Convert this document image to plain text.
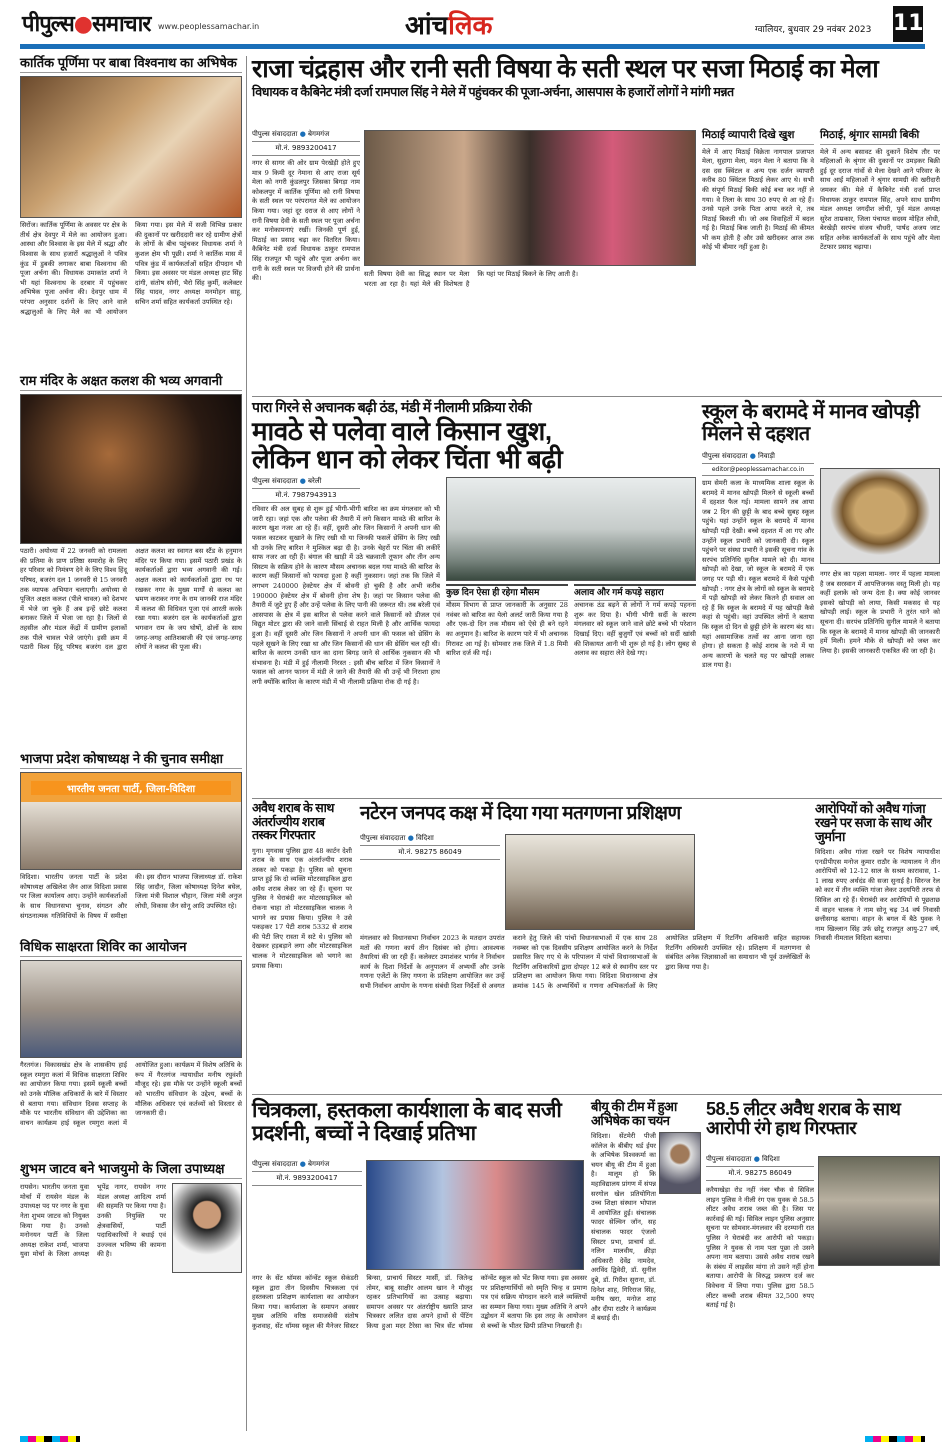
पीपुल्स●समाचार www.peoplessamachar.in	आंचलिक	ग्वालियर, बुधवार 29 नवंबर 2023 11
कार्तिक पूर्णिमा पर बाबा विश्वनाथ का अभिषेक
सिरोंज। कार्तिक पूर्णिमा के अवसर पर क्षेत्र के तीर्थ क्षेत्र देवपुर में मेले का आयोजन हुआ। आस्था और विश्वास के इस मेले में श्रद्धा और विश्वास के साथ हजारों श्रद्धालुओं ने पवित्र कुंड में डुबकी लगाकर बाबा विश्वनाथ की पूजा अर्चना की। विधायक उमाकांत शर्मा ने भी यहां विश्वनाथ के दरबार में पहुंचकर अभिषेक पूजा अर्चना की। देवपुर धाम में परंपरा अनुसार दर्शनों के लिए आने वाले श्रद्धालुओं के लिए मेले का भी आयोजन किया गया। इस मेले में सजी विभिन्न प्रकार की दुकानों पर खरीददारी कर रहे ग्रामीण क्षेत्रों के लोगों के बीच पहुंचकर विधायक शर्मा ने कुशल क्षेम भी पूछी। शर्मा ने कार्तिक मास में पवित्र कुंड में कार्यकर्ताओं सहित दीपदान भी किया। इस अवसर पर मंडल अध्यक्ष हाट सिंह दांगी, संतोष सोनी, भैरो सिंह कुर्मी, कलेक्टर सिंह यादव, नगर अध्यक्ष मनमोहन साहू, सचिन शर्मा सहित कार्यकर्ता उपस्थित रहे।
राम मंदिर के अक्षत कलश की भव्य अगवानी
पठारी। अयोध्या में 22 जनवरी को रामलला की प्रतिमा के प्राण प्रतिष्ठा समारोह के लिए हर परिवार को निमंत्रण देने के लिए विश्व हिंदू परिषद, बजरंग दल 1 जनवरी से 15 जनवरी तक व्यापक अभियान चलाएगी। अयोध्या से पूजित अक्षत कलश (पीले चावल) को देशभर में भेजे जा चुके हैं अब इन्हें छोटे कलश बनाकर जिले में भेजा जा रहा है। जिलों से तहसील और मंडल केंद्रों में ग्रामीण इलाकों तक पीले चावल भेजे जाएंगे। इसी क्रम में पठारी विश्व हिंदू परिषद बजरंग दल द्वारा अक्षत कलश का स्वागत बस स्टैंड के हनुमान मंदिर पर किया गया। इसमें पठारी प्रखंड के कार्यकर्ताओं द्वारा भव्य अगवानी की गई। अक्षत कलश को कार्यकर्ताओं द्वारा रथ पर रखकर नगर के मुख्य मार्गों से कलश का भ्रमण कराकर नगर के राम जानकी राज मंदिर में कलश की विधिवत पूजा एवं आरती करके रखा गया। बजरंग दल के कार्यकर्ताओं द्वारा भगवान राम के जय घोषों, ढोलों के साथ जगह-जगह आतिशबाजी की एवं जगह-जगह लोगों ने कलश की पूजा की।
भाजपा प्रदेश कोषाध्यक्ष ने की चुनाव समीक्षा
भारतीय जनता पार्टी, जिला-विदिशा
विदिशा। भारतीय जनता पार्टी के प्रदेश कोषाध्यक्ष अखिलेश जैन आज विदिशा प्रवास पर जिला कार्यालय आए। उन्होंने कार्यकर्ताओं के साथ विधानसभा चुनाव, संगठन और संगठनात्मक गतिविधियों के विषय में समीक्षा की। इस दौरान भाजपा जिलाध्यक्ष डॉ. राकेश सिंह जादौन, जिला कोषाध्यक्ष दिनेश बघेल, जिला मंत्री विशाल चौहान, जिला मंत्री अनुज लोधी, विकास जैन सोनू आदि उपस्थित रहे।
विधिक साक्षरता शिविर का आयोजन
गैरतगंज। विकासखंड क्षेत्र के शासकीय हाई स्कूल रमगुरा कलां में विधिक साक्षरता शिविर का आयोजन किया गया। इसमें स्कूली बच्चों को उनके मौलिक अधिकारों के बारे में विस्तार से बताया गया। संविधान दिवस सप्ताह के मौके पर भारतीय संविधान की उद्देशिका का वाचन कार्यक्रम हाई स्कूल रमगुरा कलां में आयोजित हुआ। कार्यक्रम में विशेष अतिथि के रूप में गैरतगंज न्यायाधीश मनीष रघुवंशी मौजूद रहे। इस मौके पर उन्होंने स्कूली बच्चों को भारतीय संविधान के उद्देश्य, बच्चों के मौलिक अधिकार एवं कर्तव्यों को विस्तार से जानकारी दी।
शुभम जाटव बने भाजयुमो के जिला उपाध्यक्ष
रायसेन। भारतीय जनता युवा मोर्चा में रायसेन मंडल के उपाध्यक्ष पद पर नगर के युवा नेता शुभम जाटव को नियुक्त किया गया है। उनको मनोनयन पार्टी के जिला अध्यक्ष राकेश शर्मा, भाजपा युवा मोर्चा के जिला अध्यक्ष भूपेंद्र नागर, रायसेन नगर मंडल अध्यक्ष आदित्य शर्मा की सहमति पर किया गया है। उनकी नियुक्ति पर क्षेत्रवासियों, पार्टी पदाधिकारियों ने बधाई एवं उज्ज्वल भविष्य की कामना की है।
राजा चंद्रहास और रानी सती विषया के सती स्थल पर सजा मिठाई का मेला
विधायक व कैबिनेट मंत्री दर्जा रामपाल सिंह ने मेले में पहुंचकर की पूजा-अर्चना, आसपास के हजारों लोगों ने मांगी मन्नत
पीपुल्स संवाददाता ● बेगमगंज
मो.नं. 9893200417
नगर से सागर की ओर ग्राम पेरखेड़ी होते हुए मात्र 9 किमी दूर नेमाना से आए राजा सूर्य मेला को नगरी कुंडलपुर जिसका बिगड़ा नाम कोकलपुर में कार्तिक पूर्णिमा को रानी विषया के सती स्थल पर परंपरागत मेले का आयोजन किया गया। जहां दूर दराज से आए लोगों ने रानी विषया देवी के सती स्थल पर पूजा अर्चना कर मनोकामनाएं रखीं। जिनकी पूर्ण हुई, मिठाई का प्रसाद चढ़ा कर वितरित किया। कैबिनेट मंत्री दर्जा विधायक ठाकुर रामपाल सिंह राजपूत भी पहुंचे और पूजा अर्चना कर रानी के सती स्थल पर विजयी होने की प्रार्थना की।
सती विषया देवी का सिद्ध स्थान पर मेला भरता आ रहा है। यहां मेले की विशेषता है कि यहां पर मिठाई बिकने के लिए आती है।
मिठाई व्यापारी दिखे खुश
मेले में आए मिठाई विक्रेता नागपाल प्रजापत मेला, सुहागा मेला, मदन मेला ने बताया कि वे दस दस क्विंटल व अन्य एक दर्जन व्यापारी करीब 80 क्विंटल मिठाई लेकर आए थे। सभी की संपूर्ण मिठाई बिकी कोई बचा कर नहीं ले गया। वे तिला के साथ 30 रुपए से आ रहे हैं। उनसे पहले उनके पिता आया करते थे, तब मिठाई बिकती थी। जो अब विवाहितों में बदल गई है। मिठाई बिक जाती है। मिठाई की कीमत भी कम होती है और उसे खरीदकर आज तक कोई भी बीमार नहीं हुआ है।
मिठाई, श्रृंगार सामग्री बिकी
मेले में अन्य बसावट की दुकानें विशेष तौर पर महिलाओं के श्रृंगार की दुकानों पर उमड़कर बिक्री हुई दूर दराज गांवों से मेला देखने आने परिवार के साथ आईं महिलाओं ने श्रृंगार सामग्री की खरीदारी जमकर की। मेले में कैबिनेट मंत्री दर्जा प्राप्त विधायक ठाकुर रामपाल सिंह, अपने साथ ग्रामीण मंडल अध्यक्ष जगदीश लोधी, पूर्व मंडल अध्यक्ष सुरेश ताम्रकार, जिला पंचायत सदस्य मोहित लोधी, बेरखेड़ी सरपंच संजय चौधरी, पार्षद अजय जाट सहित अनेक कार्यकर्ताओं के साथ पहुंचे और मेला टेंटफार प्रसाद चढ़ाया।
पारा गिरने से अचानक बढ़ी ठंड, मंडी में नीलामी प्रक्रिया रोकी
मावठे से पलेवा वाले किसान खुश,
लेकिन धान को लेकर चिंता भी बढ़ी
कुछ दिन ऐसा ही रहेगा मौसम
मौसम विभाग से प्राप्त जानकारी के अनुसार 28 नवंबर को बारिश का येलो अलर्ट जारी किया गया है और एक-दो दिन तक मौसम को ऐसे ही बने रहने का अनुमान है। बारिश के कारण पारे में भी अचानक गिरावट आ गई है। सोमवार तक जिले में 1.8 मिमी बारिश दर्ज की गई।
अलाव और गर्म कपड़े सहारा
अचानक ठंड बढ़ने से लोगों ने गर्म कपड़े पहनना शुरू कर दिया है। भीगी भीगी सर्दी के कारण मंगलवार को स्कूल जाने वाले छोटे बच्चे भी परेशान दिखाई दिए। वहीं बुजुर्गों एवं बच्चों को सर्दी खांसी की शिकायत आनी भी शुरू हो गई है। लोग सुबह से अलाव का सहारा लेते देखे गए।
पीपुल्स संवाददाता ● बरेली
मो.नं. 7987943913
रविवार की अल सुबह से शुरू हुई भीगी-भीगी बारिश का क्रम मंगलवार को भी जारी रहा। जहां एक और पलेवा की तैयारी में लगे किसान मावठे की बारिश के कारण खुश नजर आ रहे हैं। वहीं, दूसरी ओर जिन किसानों ने अपनी धान की फसल काटकर सुखाने के लिए रखी थी या जिनकी फसलें थ्रेसिंग के लिए रखी थी उनके लिए बारिश ने मुश्किल बढ़ा दी है। उनके चेहरों पर चिंता की लकीरें साफ नजर आ रही हैं। बंगाल की खाड़ी में उठे चक्रवाती तूफान और तीन अन्य सिस्टम के सक्रिय होने के कारण मौसम अचानक बदल गया मावठे की बारिश के कारण कहीं किसानों को फायदा हुआ है कहीं नुकसान। जहां तक कि जिले में लगभग 240000 हेक्टेयर क्षेत्र में बोवनी हो चुकी है और अभी करीब 190000 हेक्टेयर क्षेत्र में बोवनी होना शेष है। जहां पर किसान पलेवा की तैयारी में जुटे हुए हैं और उन्हें पलेवा के लिए पानी की जरूरत थी। तब बरेली एवं आसपास के क्षेत्र में इस बारिश से पलेवा करने वाले किसानों को डीजल एवं विद्युत मोटर द्वारा की जाने वाली सिंचाई से राहत मिली है और आर्थिक फायदा हुआ है। वहीं दूसरी ओर जिन किसानों ने अपनी धान की फसल को थ्रेसिंग के पहले सूखने के लिए रखा था और जिन किसानों की धान की थ्रेसिंग चल रही थी। बारिश के कारण उनकी धान का दाना बिगड़ जाने से आर्थिक नुकसान की भी संभावना है। मंडी में हुई नीलामी निरस्त : इसी बीच बारिश में जिन किसानों ने फसल को आनन फानन में मंडी ले जाने की तैयारी की थी उन्हें भी निराशा हाथ लगी क्योंकि बारिश के कारण मंडी में भी नीलामी प्रक्रिया रोक दी गई है।
स्कूल के बरामदे में मानव खोपड़ी मिलने से दहशत
पीपुल्स संवाददाता ● निवाड़ी
editor@peoplessamachar.co.in
ग्राम सेमरी कला के माध्यमिक शाला स्कूल के बरामदे में मानव खोपड़ी मिलने से स्कूली बच्चों में दहशत फैल गई। मामला सामने तब आया जब 2 दिन की छुट्टी के बाद बच्चे सुबह स्कूल पहुंचे। यहां उन्होंने स्कूल के बरामदे में मानव खोपड़ी पड़ी देखी। बच्चे दहशत में आ गए और उन्होंने स्कूल प्रभारी को जानकारी दी। स्कूल पहुंचने पर संस्था प्रभारी ने इसकी सूचना गांव के सरपंच प्रतिनिधि सुनील मामले को दी। मानव खोपड़ी को देखा, जो स्कूल के बरामदे में एक जगह पर पड़ी थी। स्कूल बरामदे में कैसे पहुंची खोपड़ी : नगर क्षेत्र के लोगों को स्कूल के बरामदे में पड़ी खोपड़ी को लेकर कितने ही सवाल आ रहे हैं कि स्कूल के बरामदे में यह खोपड़ी कैसे कहां से पहुंची। वहां उपस्थित लोगों ने बताया कि स्कूल दो दिन से छुट्टी होने के कारण बंद था। यहां असामाजिक तत्वों का आना जाना रहा होगा। हो सकता है कोई शराब के नशे में या अन्य कारणों के चलते यह पर खोपड़ी लाकर डाल गया है।
नगर क्षेत्र का पहला मामला- नगर में पहला मामला है जब सरस्वान में आपत्तिजनक वस्तु मिली हो। यह कहीं इलाके को जन्म देता है। क्या कोई जानवर इसको खोपड़ी को लाया, किसी मकसद से यह खोपड़ी लाई। स्कूल के प्रभारी ने तुरंत थाने को सूचना दी। सरपंच प्रतिनिधि सुनील मामले ने बताया कि स्कूल के बरामदे में मानव खोपड़ी की जानकारी हमें मिली। हमने मौके से खोपड़ी को जब्त कर लिया है। इसकी जानकारी एकत्रित की जा रही है।
अवैध शराब के साथ अंतर्राज्यीय शराब तस्कर गिरफ्तार
गुना। मृगवास पुलिस द्वारा 48 कार्टन देशी शराब के साथ एक अंतर्राज्यीय शराब तस्कर को पकड़ा है। पुलिस को सूचना प्राप्त हुई कि दो व्यक्ति मोटरसाइकिल द्वारा अवैध शराब लेकर जा रहे हैं। सूचना पर पुलिस ने घेराबंदी कर मोटरसाइकिल को रोकना चाहा तो मोटरसाइकिल चालक ने भागने का प्रयास किया। पुलिस ने उसे पकड़कर 17 पेटी शराब 5332 से शराब की पेटी लिए रास्ता में सटे थे। पुलिस को देखकर हड़बड़ाने लगा और मोटरसाइकिल चालक ने मोटरसाइकिल को भगाने का प्रयास किया।
नटेरन जनपद कक्ष में दिया गया मतगणना प्रशिक्षण
पीपुल्स संवाददाता ● विदिशा
मो.नं. 98275 86049
मंगलवार को विधानसभा निर्वाचन 2023 के मतदान उपरांत मतों की गणना कार्य तीन दिसंबर को होगा। आवश्यक तैयारियां की जा रही हैं। कलेक्टर उमाशंकर भार्गव ने निर्वाचन कार्य के दिशा निर्देशों के अनुपालन में अभ्यर्थी और उनके गणना एजेंटों के लिए गणना के प्रशिक्षण आयोजित कर उन्हें सभी निर्वाचन आयोग के गणना संबंधी दिशा निर्देशों से अवगत कराने हेतु जिले की पांचों विधानसभाओं में एक साथ 28 नवम्बर को एक दिवसीय प्रशिक्षण आयोजित करने के निर्देश प्रसारित किए गए थे के परिपालन में पांचों विधानसभाओं के रिटर्निंग अधिकारियों द्वारा दोपहर 12 बजे से स्थानीय स्तर पर प्रशिक्षण का आयोजन किया गया। विदिशा विधानसभा क्षेत्र क्रमांक 145 के अभ्यर्थियों व गणना अभिकर्ताओं के लिए आयोजित प्रशिक्षण में रिटर्निंग अधिकारी सहित सहायक रिटर्निंग अधिकारी उपस्थित रहे। प्रशिक्षण में मतगणना से संबंधित अनेक जिज्ञासाओं का समाधान भी पूर्व उल्लेखितों के द्वारा किया गया है।
आरोपियों को अवैध गांजा रखने पर सजा के साथ और जुर्माना
विदिशा। अवैध गांजा रखने पर विशेष न्यायाधीश एनडीपीएस मनोज कुमार राठौर के न्यायालय ने तीन आरोपियों को 12-12 साल के सश्रम कारावास, 1-1 लाख रुपए अर्थदंड की सजा सुनाई है। सिरन्ज रेल को कार में तीन व्यक्ति गांजा लेकर उदयपिरी तरफ से सिविल आ रहे हैं। घेराबंदी कर आरोपियों से पूछताछ में वाहन चालक ने नाम सोनू चढ़ 34 वर्ष निवासी छत्तीसगढ़ बताया। वाहन के बगल में बैठे युवक ने नाम खिल्लान सिंह उर्फ छोटू राजपूत आयु-27 वर्ष, निवासी नीमताल विदिशा बताया।
चित्रकला, हस्तकला कार्यशाला के बाद सजी प्रदर्शनी, बच्चों ने दिखाई प्रतिभा
पीपुल्स संवाददाता ● बेगमगंज
मो.नं. 9893200417
नगर के सेंट थॉमस कॉन्वेंट स्कूल सेकंडरी स्कूल द्वारा तीन दिवसीय चित्रकला एवं हस्तकला प्रशिक्षण कार्यशाला का आयोजन किया गया। कार्यशाला के समापन अवसर मुख्य अतिथि वरिष्ठ समाजसेवी संतोष कुशवाह, सेंट थॉमस स्कूल की मैनेजर सिस्टर बिन्सा, प्राचार्य सिस्टर मार्सी, डॉ. जितेन्द्र तोमर, बाबू साक्षीर आलम खान ने मौजूद रहकर प्रतिभागियों का उत्साह बढ़ाया। समापन अवसर पर अंतर्राष्ट्रीय ख्याति प्राप्त चित्रकार ललित दास अपने हाथों से पेंटिंग किया हुआ मदर टैरेसा का चित्र सेंट थॉमस कॉन्वेंट स्कूल को भेंट किया गया। इस अवसर पर प्रशिक्षणार्थियों को स्मृति चिन्ह व प्रमाण पत्र एवं सक्रिय योगदान करने वाले व्यक्तियों का सम्मान किया गया। मुख्य अतिथि ने अपने उद्बोधन में बताया कि इस तरह के आयोजन से बच्चों के भीतर छिपी प्रतिभा निखरती है।
बीयू की टीम में हुआ अभिषेक का चयन
विदिशा। सेंटमेरी पीजी कॉलेज के बीबीए थर्ड ईयर के अभिषेक विश्वकर्मा का चयन बीयू की टीम में हुआ है। मालूम हो कि महाविद्यालय प्रांगण में संपन्न सरगोल खेल प्रतियोगिता उच्च शिक्षा संस्थान भोपाल में आयोजित हुई। संचालक फादर सेल्विन जॉन, सह संचालक फादर एंजलो सिस्टर प्रभा, प्राचार्य डॉ. नलिन मालवीय, क्रीड़ा अधिकारी देवेंद्र नामदेव, अरविंद द्विवेदी, डॉ. सुनील दुबे, डॉ. गिरीश सुराना, डॉ. दिनेश शाह, गिरिराज सिंह, मनीष खरा, मनोज शाह और दीपा राठौर ने कार्यक्रम में बधाई दी।
58.5 लीटर अवैध शराब के साथ आरोपी रंगे हाथ गिरफ्तार
पीपुल्स संवाददाता ● विदिशा
मो.नं. 98275 86049
करैयाखेड़ा रोड नहीं नंबर चौक से सिविल लाइन पुलिस ने नीली रंग एक युवक से 58.5 लीटर अवैध शराब जब्त की है। जिस पर कार्रवाई की गई। सिविल लाइन पुलिस अनुसार सूचना पर सोमवार-मंगलवार की दरम्यानी रात पुलिस ने घेराबंदी कर आरोपी को पकड़ा। पुलिस ने युवक से नाम पता पूछा तो उसने अपना नाम बताया। उससे अवैध शराब रखने के संबंध में लाइसेंस मांगा तो उसने नहीं होना बताया। आरोपी के विरुद्ध प्रकरण दर्ज कर विवेचना में लिया गया। पुलिस द्वारा 58.5 लीटर कच्ची शराब कीमत 32,500 रुपए बताई गई है।
